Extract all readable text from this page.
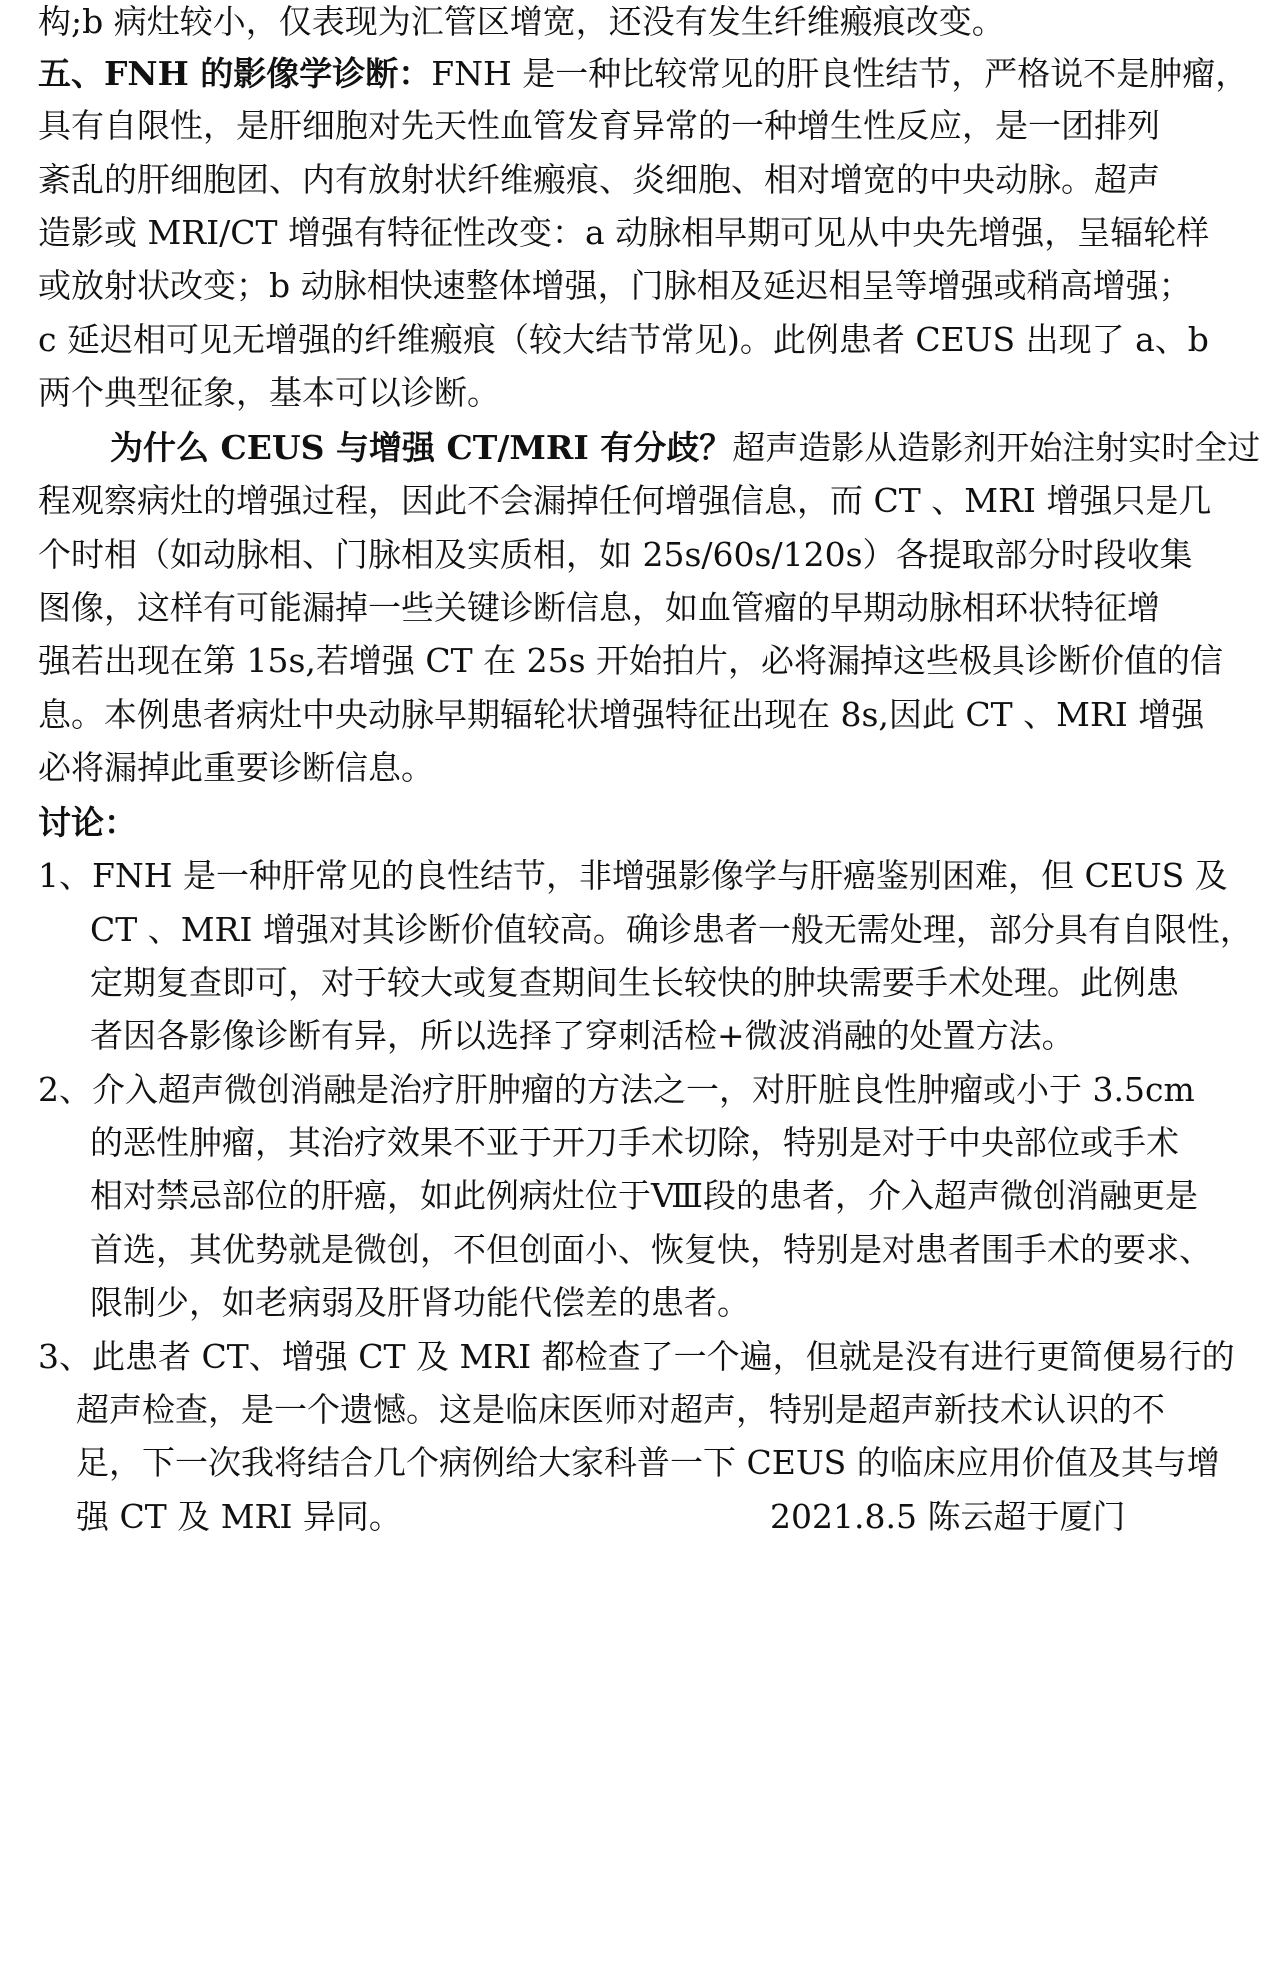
构;b 病灶较小，仅表现为汇管区增宽，还没有发生纤维瘢痕改变。
五、FNH 的影像学诊断：FNH 是一种比较常见的肝良性结节，严格说不是肿瘤，
具有自限性，是肝细胞对先天性血管发育异常的一种增生性反应，是一团排列
紊乱的肝细胞团、内有放射状纤维瘢痕、炎细胞、相对增宽的中央动脉。超声
造影或 MRI/CT 增强有特征性改变：a 动脉相早期可见从中央先增强，呈辐轮样
或放射状改变；b 动脉相快速整体增强，门脉相及延迟相呈等增强或稍高增强；
c 延迟相可见无增强的纤维瘢痕（较大结节常见)。此例患者 CEUS 出现了 a、b
两个典型征象，基本可以诊断。
为什么 CEUS 与增强 CT/MRI 有分歧？超声造影从造影剂开始注射实时全过
程观察病灶的增强过程，因此不会漏掉任何增强信息，而 CT 、MRI 增强只是几
个时相（如动脉相、门脉相及实质相，如 25s/60s/120s）各提取部分时段收集
图像，这样有可能漏掉一些关键诊断信息，如血管瘤的早期动脉相环状特征增
强若出现在第 15s,若增强 CT 在 25s 开始拍片，必将漏掉这些极具诊断价值的信
息。本例患者病灶中央动脉早期辐轮状增强特征出现在 8s,因此 CT 、MRI 增强
必将漏掉此重要诊断信息。
讨论：
1、FNH 是一种肝常见的良性结节，非增强影像学与肝癌鉴别困难，但 CEUS 及
CT 、MRI 增强对其诊断价值较高。确诊患者一般无需处理，部分具有自限性，
定期复查即可，对于较大或复查期间生长较快的肿块需要手术处理。此例患
者因各影像诊断有异，所以选择了穿刺活检+微波消融的处置方法。
2、介入超声微创消融是治疗肝肿瘤的方法之一，对肝脏良性肿瘤或小于 3.5cm
的恶性肿瘤，其治疗效果不亚于开刀手术切除，特别是对于中央部位或手术
相对禁忌部位的肝癌，如此例病灶位于Ⅷ段的患者，介入超声微创消融更是
首选，其优势就是微创，不但创面小、恢复快，特别是对患者围手术的要求、
限制少，如老病弱及肝肾功能代偿差的患者。
3、此患者 CT、增强 CT 及 MRI 都检查了一个遍，但就是没有进行更简便易行的
超声检查，是一个遗憾。这是临床医师对超声，特别是超声新技术认识的不
足，下一次我将结合几个病例给大家科普一下 CEUS 的临床应用价值及其与增
强 CT 及 MRI 异同。	2021.8.5 陈云超于厦门
